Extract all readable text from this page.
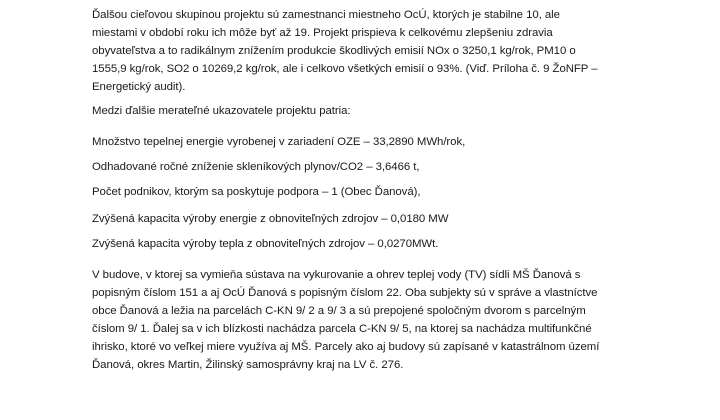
Ďalšou cieľovou skupinou projektu sú zamestnanci miestneho OcÚ, ktorých je stabilne 10, ale
miestami v období roku ich môže byť až 19. Projekt prispieva k celkovému zlepšeniu zdravia
obyvateľstva a to radikálnym znížením produkcie škodlivých emisií NOx o 3250,1 kg/rok, PM10 o
1555,9 kg/rok, SO2 o 10269,2 kg/rok, ale i celkovo všetkých emisií o 93%. (Viď. Príloha č. 9 ŽoNFP –
Energetický audit).
Medzi ďalšie merateľné ukazovatele projektu patria:
Množstvo tepelnej energie vyrobenej v zariadení OZE – 33,2890 MWh/rok,
Odhadované ročné zníženie skleníkových plynov/CO2 – 3,6466 t,
Počet podnikov, ktorým sa poskytuje podpora – 1 (Obec Ďanová),
Zvýšená kapacita výroby energie z obnoviteľných zdrojov – 0,0180 MW
Zvýšená kapacita výroby tepla z obnoviteľných zdrojov – 0,0270MWt.
V budove, v ktorej sa vymieňa sústava na vykurovanie a ohrev teplej vody (TV) sídli MŠ Ďanová s
popisným číslom 151 a aj OcÚ Ďanová s popisným číslom 22. Oba subjekty sú v správe a vlastníctve
obce Ďanová a ležia na parcelách C-KN 9/ 2 a 9/ 3 a sú prepojené spoločným dvorom s parcelným
číslom 9/ 1. Ďalej sa v ich blízkosti nachádza parcela C-KN 9/ 5, na ktorej sa nachádza multifunkčné
ihrisko, ktoré vo veľkej miere využíva aj MŠ. Parcely ako aj budovy sú zapísané v katastrálnom území
Ďanová, okres Martin, Žilinský samosprávny kraj na LV č. 276.
